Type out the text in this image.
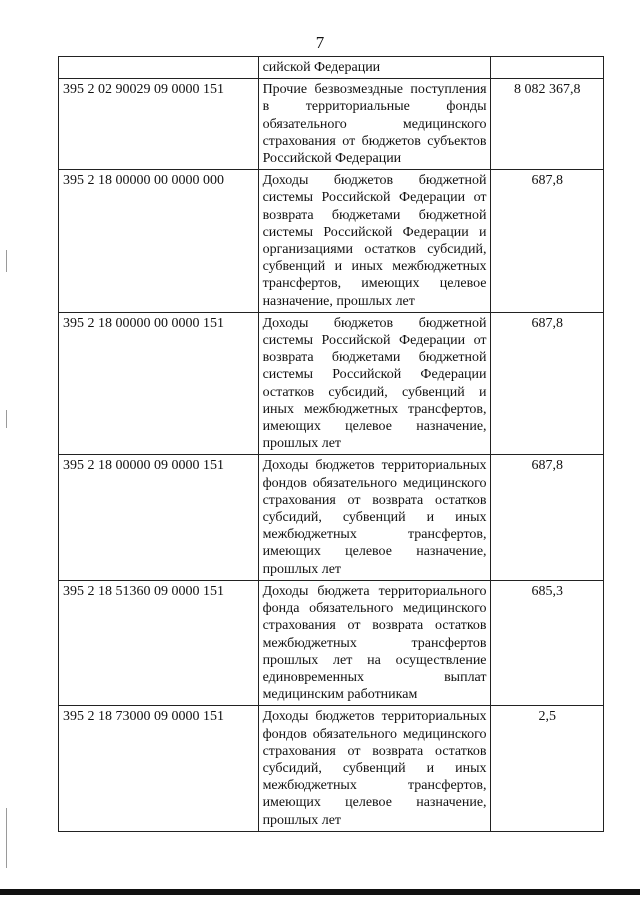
7
	сийской Федерации	
395 2 02 90029 09 0000 151	Прочие безвозмездные поступления в территориальные фонды обязательного медицинского страхования от бюджетов субъектов Российской Федерации	8 082 367,8
395 2 18 00000 00 0000 000	Доходы бюджетов бюджетной системы Российской Федерации от возврата бюджетами бюджетной системы Российской Федерации и организациями остатков субсидий, субвенций и иных межбюджетных трансфертов, имеющих целевое назначение, прошлых лет	687,8
395 2 18 00000 00 0000 151	Доходы бюджетов бюджетной системы Российской Федерации от возврата бюджетами бюджетной системы Российской Федерации остатков субсидий, субвенций и иных межбюджетных трансфертов, имеющих целевое назначение, прошлых лет	687,8
395 2 18 00000 09 0000 151	Доходы бюджетов территориальных фондов обязательного медицинского страхования от возврата остатков субсидий, субвенций и иных межбюджетных трансфертов, имеющих целевое назначение, прошлых лет	687,8
395 2 18 51360 09 0000 151	Доходы бюджета территориального фонда обязательного медицинского страхования от возврата остатков межбюджетных трансфертов прошлых лет на осуществление единовременных выплат медицинским работникам	685,3
395 2 18 73000 09 0000 151	Доходы бюджетов территориальных фондов обязательного медицинского страхования от возврата остатков субсидий, субвенций и иных межбюджетных трансфертов, имеющих целевое назначение, прошлых лет	2,5
